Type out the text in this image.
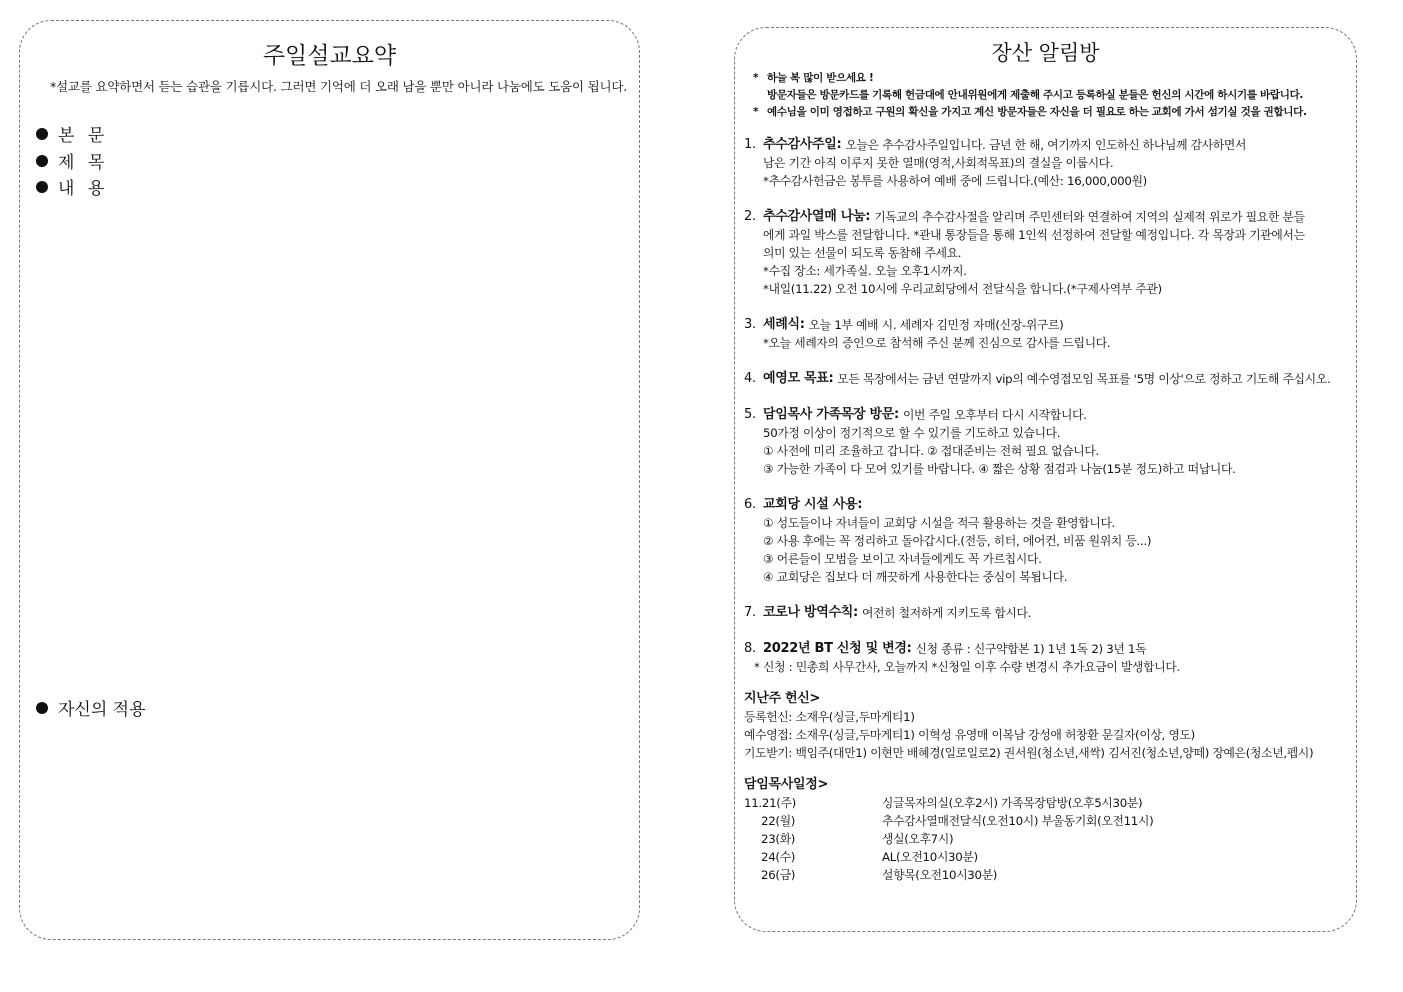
주일설교요약
*설교를 요약하면서 듣는 습관을 기릅시다. 그러면 기억에 더 오래 남을 뿐만 아니라 나눔에도 도움이 됩니다.
본 문
제 목
내 용
자신의 적용
장산 알림방
* 하늘 복 많이 받으세요 !
방문자들은 방문카드를 기록해 헌금대에 안내위원에게 제출해 주시고 등록하실 분들은 헌신의 시간에 하시기를 바랍니다.
* 예수님을 이미 영접하고 구원의 확신을 가지고 계신 방문자들은 자신을 더 필요로 하는 교회에 가서 섬기실 것을 권합니다.
1. 추수감사주일: 오늘은 추수감사주일입니다. 금년 한 해, 여기까지 인도하신 하나님께 감사하면서
남은 기간 아직 이루지 못한 열매(영적,사회적목표)의 결실을 이룹시다.
*추수감사헌금은 봉투를 사용하여 예배 중에 드립니다.(예산: 16,000,000원)
2. 추수감사열매 나눔: 기독교의 추수감사절을 알리며 주민센터와 연결하여 지역의 실제적 위로가 필요한 분들
에게 과일 박스를 전달합니다. *관내 통장들을 통해 1인씩 선정하여 전달할 예정입니다. 각 목장과 기관에서는
의미 있는 선물이 되도록 동참해 주세요.
*수집 장소: 세가족실. 오늘 오후1시까지.
*내일(11.22) 오전 10시에 우리교회당에서 전달식을 합니다.(*구제사역부 주관)
3. 세례식: 오늘 1부 예배 시. 세례자 김민정 자매(신장-위구르)
*오늘 세례자의 증인으로 참석해 주신 분께 진심으로 감사를 드립니다.
4. 예영모 목표: 모든 목장에서는 금년 연말까지 vip의 예수영접모임 목표를 '5명 이상'으로 정하고 기도해 주십시오.
5. 담임목사 가족목장 방문: 이번 주일 오후부터 다시 시작합니다.
50가정 이상이 정기적으로 할 수 있기를 기도하고 있습니다.
① 사전에 미리 조율하고 갑니다. ② 접대준비는 전혀 필요 없습니다.
③ 가능한 가족이 다 모여 있기를 바랍니다. ④ 짧은 상황 점검과 나눔(15분 정도)하고 떠납니다.
6. 교회당 시설 사용:
① 성도들이나 자녀들이 교회당 시설을 적극 활용하는 것을 환영합니다.
② 사용 후에는 꼭 정리하고 돌아갑시다.(전등, 히터, 에어컨, 비품 원위치 등...)
③ 어른들이 모범을 보이고 자녀들에게도 꼭 가르칩시다.
④ 교회당은 집보다 더 깨끗하게 사용한다는 중심이 복됩니다.
7. 코로나 방역수칙: 여전히 철저하게 지키도록 합시다.
8. 2022년 BT 신청 및 변경: 신청 종류 : 신구약합본 1) 1년 1독 2) 3년 1독
* 신청 : 민총희 사무간사, 오늘까지 *신청일 이후 수량 변경시 추가요금이 발생합니다.
지난주 헌신>
등록헌신: 소재우(싱글,두마게티1)
예수영접: 소재우(싱글,두마게티1) 이혁성 유영매 이복남 강성애 허창환 문길자(이상, 영도)
기도받기: 백임주(대만1) 이현만 배혜경(일로일로2) 권서원(청소년,새싹) 김서진(청소년,양떼) 장예은(청소년,펩시)
담임목사일정>
11.21(주)	싱글목자의실(오후2시) 가족목장탐방(오후5시30분)
22(월)	추수감사열매전달식(오전10시) 부울동기회(오전11시)
23(화)	생실(오후7시)
24(수)	AL(오전10시30분)
26(금)	설향목(오전10시30분)
